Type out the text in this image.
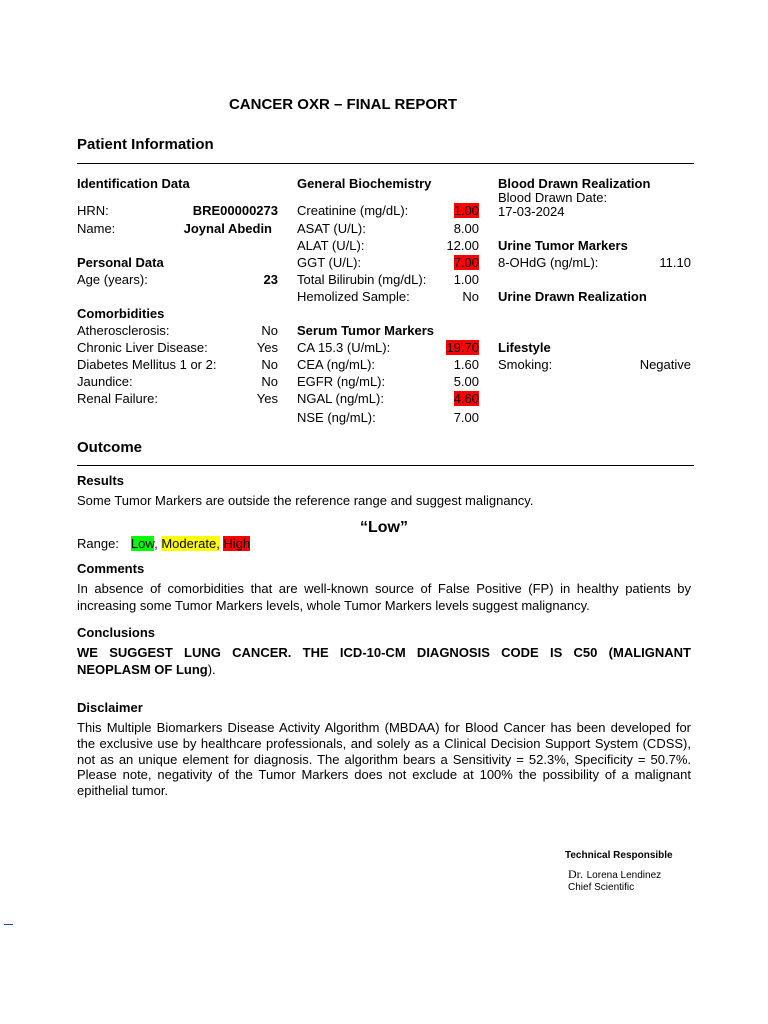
CANCER OXR – FINAL REPORT
Patient Information
Identification Data
HRN:	BRE00000273
Name:	Joynal Abedin
Personal Data
Age (years):	23
Comorbidities
Atherosclerosis:	No
Chronic Liver Disease:	Yes
Diabetes Mellitus 1 or 2:	No
Jaundice:	No
Renal Failure:	Yes
General Biochemistry
Creatinine (mg/dL):	1.00
ASAT (U/L):	8.00
ALAT (U/L):	12.00
GGT (U/L):	7.00
Total Bilirubin (mg/dL):	1.00
Hemolized Sample:	No
Serum Tumor Markers
CA 15.3 (U/mL):	19.70
CEA (ng/mL):	1.60
EGFR (ng/mL):	5.00
NGAL (ng/mL):	4.60
NSE (ng/mL):	7.00
Blood Drawn Realization
Blood Drawn Date:
17-03-2024
Urine Tumor Markers
8-OHdG (ng/mL):	11.10
Urine Drawn Realization
Lifestyle
Smoking:	Negative
Outcome
Results
Some Tumor Markers are outside the reference range and suggest malignancy.
“Low”
Range: Low, Moderate, High
Comments
In absence of comorbidities that are well-known source of False Positive (FP) in healthy patients by increasing some Tumor Markers levels, whole Tumor Markers levels suggest malignancy.
Conclusions
WE SUGGEST LUNG CANCER. THE ICD-10-CM DIAGNOSIS CODE IS C50 (MALIGNANT NEOPLASM OF Lung).
Disclaimer
This Multiple Biomarkers Disease Activity Algorithm (MBDAA) for Blood Cancer has been developed for the exclusive use by healthcare professionals, and solely as a Clinical Decision Support System (CDSS), not as an unique element for diagnosis. The algorithm bears a Sensitivity = 52.3%, Specificity = 50.7%. Please note, negativity of the Tumor Markers does not exclude at 100% the possibility of a malignant epithelial tumor.
Technical Responsible
Dr. Lorena Lendinez
Chief Scientific
